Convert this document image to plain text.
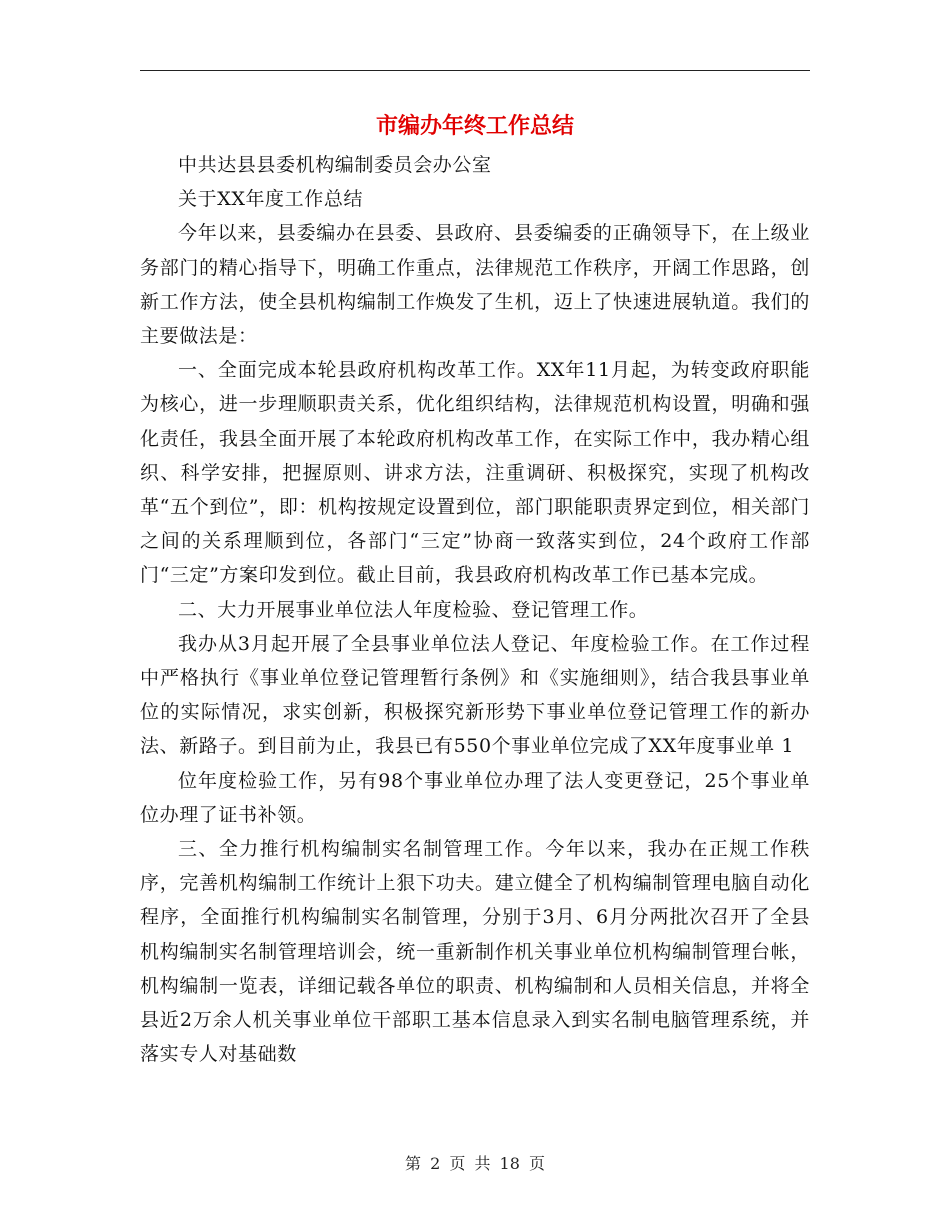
市编办年终工作总结

中共达县县委机构编制委员会办公室

关于XX年度工作总结

今年以来，县委编办在县委、县政府、县委编委的正确领导下，在上级业务部门的精心指导下，明确工作重点，法律规范工作秩序，开阔工作思路，创新工作方法，使全县机构编制工作焕发了生机，迈上了快速进展轨道。我们的主要做法是：

一、全面完成本轮县政府机构改革工作。XX年11月起，为转变政府职能为核心，进一步理顺职责关系，优化组织结构，法律规范机构设置，明确和强化责任，我县全面开展了本轮政府机构改革工作，在实际工作中，我办精心组织、科学安排，把握原则、讲求方法，注重调研、积极探究，实现了机构改革“五个到位”，即：机构按规定设置到位，部门职能职责界定到位，相关部门之间的关系理顺到位，各部门“三定”协商一致落实到位，24个政府工作部门“三定”方案印发到位。截止目前，我县政府机构改革工作已基本完成。

二、大力开展事业单位法人年度检验、登记管理工作。

我办从3月起开展了全县事业单位法人登记、年度检验工作。在工作过程中严格执行《事业单位登记管理暂行条例》和《实施细则》，结合我县事业单位的实际情况，求实创新，积极探究新形势下事业单位登记管理工作的新办法、新路子。到目前为止，我县已有550个事业单位完成了XX年度事业单 1

位年度检验工作，另有98个事业单位办理了法人变更登记，25个事业单位办理了证书补领。

三、全力推行机构编制实名制管理工作。今年以来，我办在正规工作秩序，完善机构编制工作统计上狠下功夫。建立健全了机构编制管理电脑自动化程序，全面推行机构编制实名制管理，分别于3月、6月分两批次召开了全县机构编制实名制管理培训会，统一重新制作机关事业单位机构编制管理台帐，机构编制一览表，详细记载各单位的职责、机构编制和人员相关信息，并将全县近2万余人机关事业单位干部职工基本信息录入到实名制电脑管理系统，并落实专人对基础数

第 2 页 共 18 页
